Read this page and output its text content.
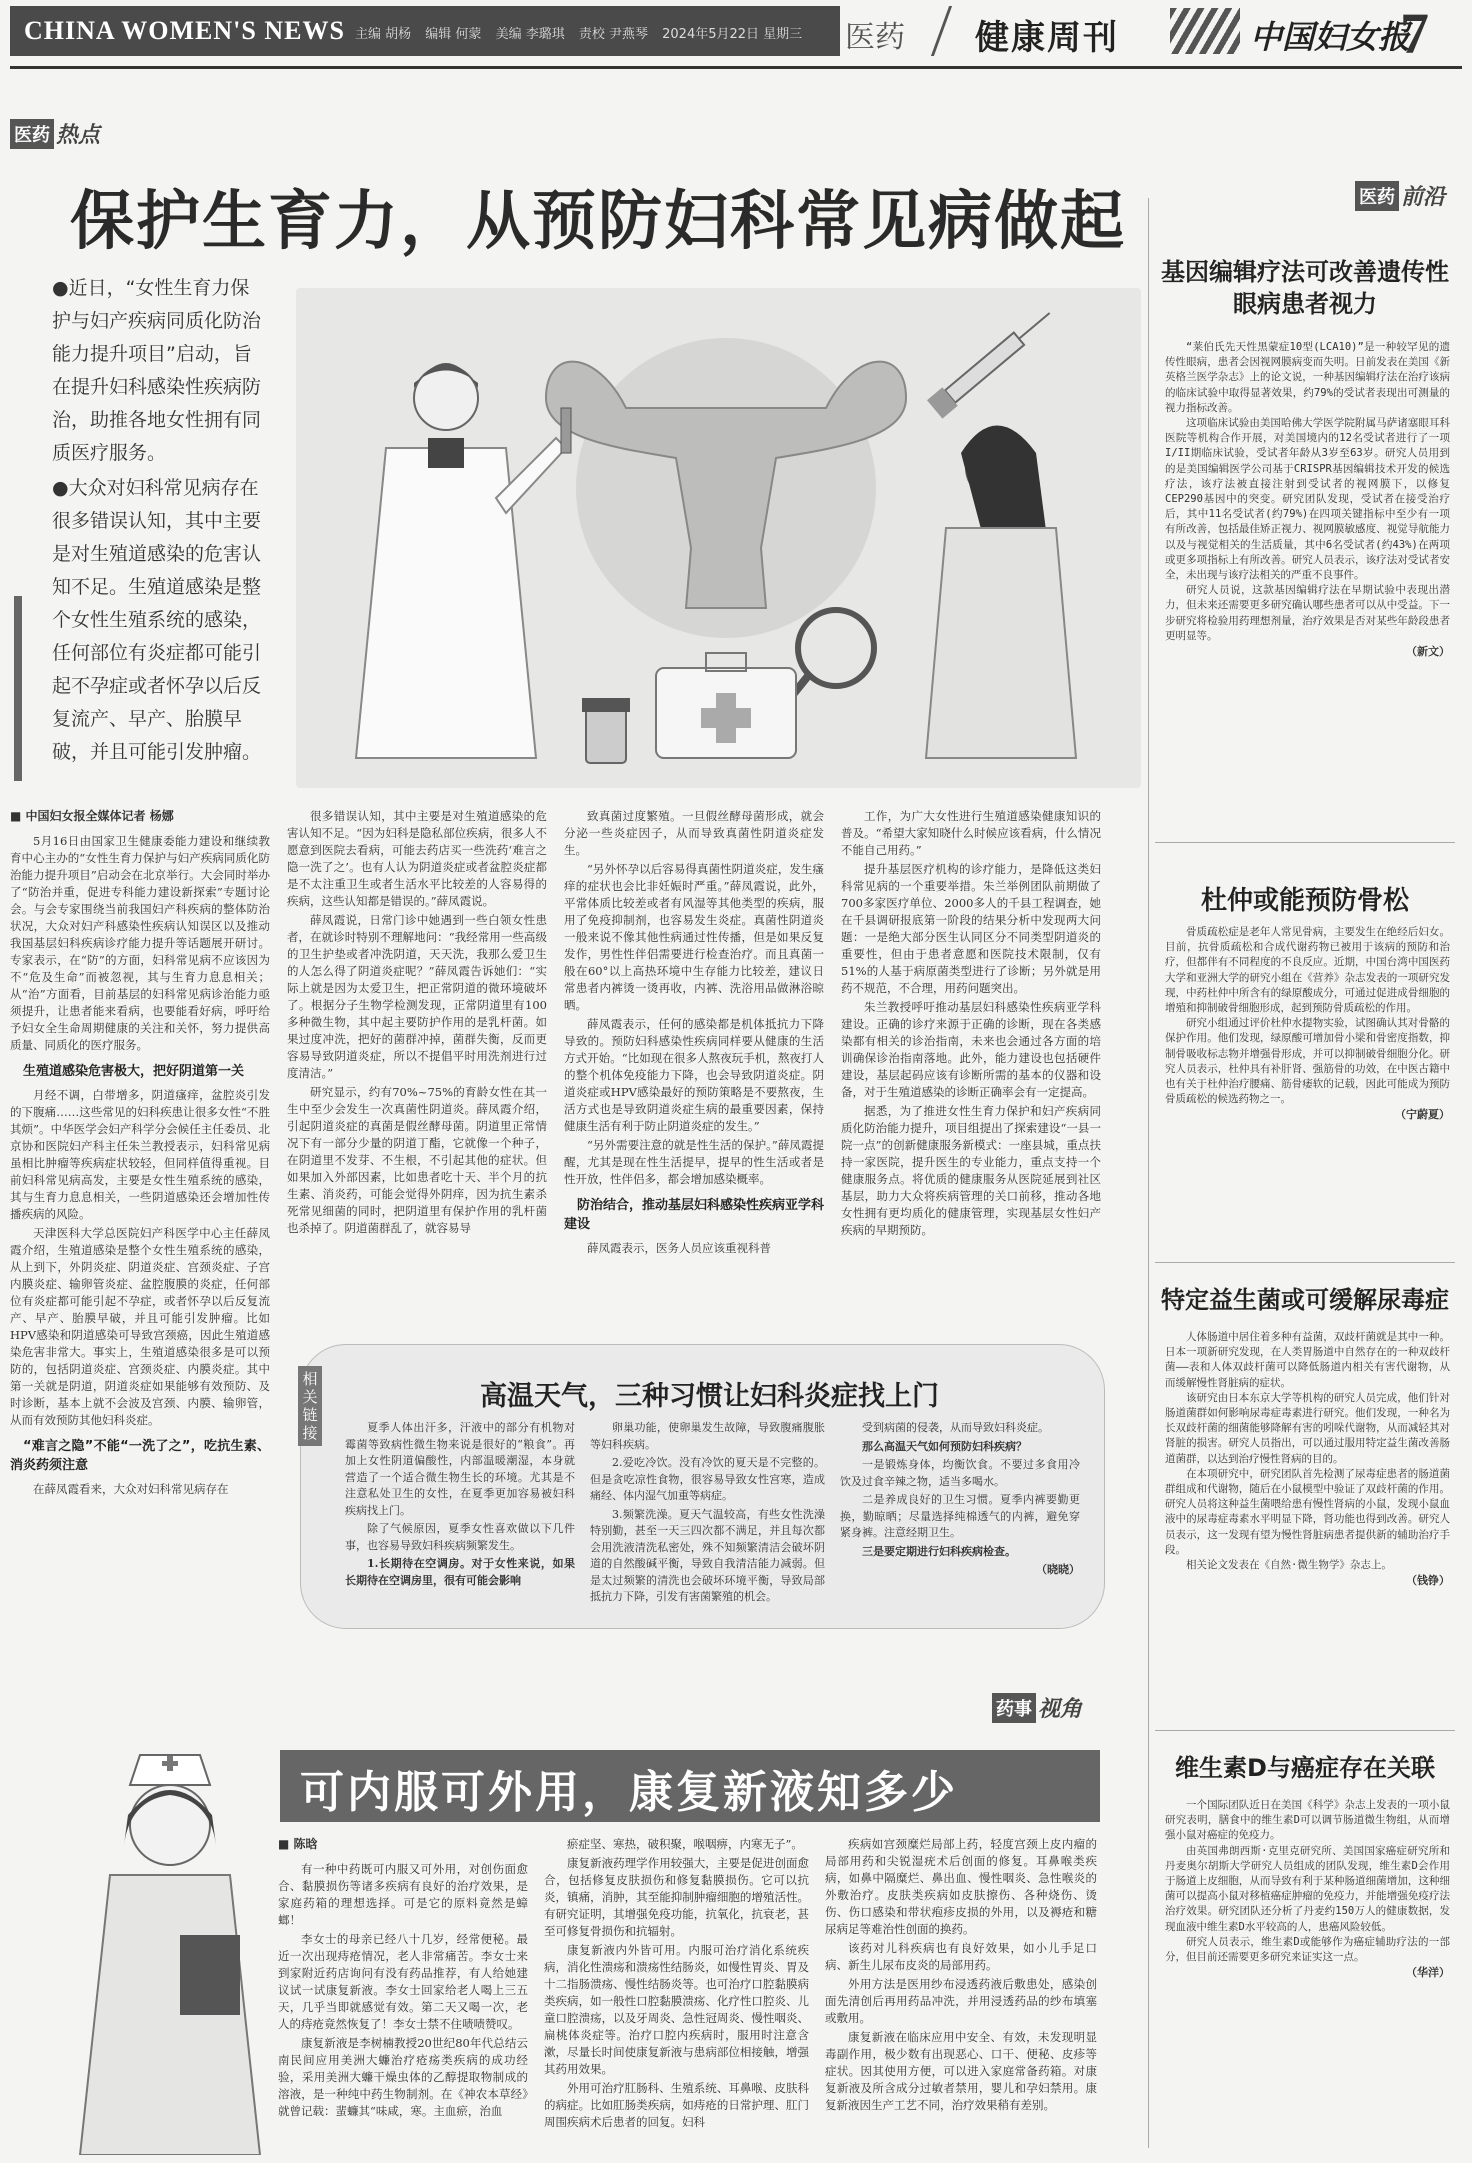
CHINA WOMEN'S NEWS 主编 胡杨 编辑 何蒙 美编 李璐琪 责校 尹燕琴 2024年5月22日 星期三	医药 健康周刊	中国妇女报
7
医药 热点
保护生育力，从预防妇科常见病做起

●近日，“女性生育力保护与妇产疾病同质化防治能力提升项目”启动，旨在提升妇科感染性疾病防治，助推各地女性拥有同质医疗服务。

●大众对妇科常见病存在很多错误认知，其中主要是对生殖道感染的危害认知不足。生殖道感染是整个女性生殖系统的感染，任何部位有炎症都可能引起不孕症或者怀孕以后反复流产、早产、胎膜早破，并且可能引发肿瘤。

■ 中国妇女报全媒体记者 杨娜

5月16日由国家卫生健康委能力建设和继续教育中心主办的“女性生育力保护与妇产疾病同质化防治能力提升项目”启动会在北京举行。大会同时举办了“防治并重，促进专科能力建设新探索”专题讨论会。与会专家围绕当前我国妇产科疾病的整体防治状况，大众对妇产科感染性疾病认知误区以及推动我国基层妇科疾病诊疗能力提升等话题展开研讨。专家表示，在“防”的方面，妇科常见病不应该因为不“危及生命”而被忽视，其与生育力息息相关；从“治”方面看，目前基层的妇科常见病诊治能力亟须提升，让患者能来看病，也要能看好病，呼吁给予妇女全生命周期健康的关注和关怀，努力提供高质量、同质化的医疗服务。

生殖道感染危害极大，把好阴道第一关

月经不调，白带增多，阴道瘙痒，盆腔炎引发的下腹痛……这些常见的妇科疾患让很多女性“不胜其烦”。中华医学会妇产科学分会候任主任委员、北京协和医院妇产科主任朱兰教授表示，妇科常见病虽相比肿瘤等疾病症状较轻，但同样值得重视。目前妇科常见病高发，主要是女性生殖系统的感染，其与生育力息息相关，一些阴道感染还会增加性传播疾病的风险。

天津医科大学总医院妇产科医学中心主任薛凤霞介绍，生殖道感染是整个女性生殖系统的感染，从上到下，外阴炎症、阴道炎症、宫颈炎症、子宫内膜炎症、输卵管炎症、盆腔腹膜的炎症，任何部位有炎症都可能引起不孕症，或者怀孕以后反复流产、早产、胎膜早破，并且可能引发肿瘤。比如HPV感染和阴道感染可导致宫颈癌，因此生殖道感染危害非常大。事实上，生殖道感染很多是可以预防的，包括阴道炎症、宫颈炎症、内膜炎症。其中第一关就是阴道，阴道炎症如果能够有效预防、及时诊断，基本上就不会波及宫颈、内膜、输卵管，从而有效预防其他妇科炎症。

“难言之隐”不能“一洗了之”，吃抗生素、消炎药须注意

在薛凤霞看来，大众对妇科常见病存在

很多错误认知，其中主要是对生殖道感染的危害认知不足。“因为妇科是隐私部位疾病，很多人不愿意到医院去看病，可能去药店买一些洗药‘难言之隐一洗了之’。也有人认为阴道炎症或者盆腔炎症都是不太注重卫生或者生活水平比较差的人容易得的疾病，这些认知都是错误的。”薛凤霞说。

薛凤霞说，日常门诊中她遇到一些白领女性患者，在就诊时特别不理解地问：“我经常用一些高级的卫生护垫或者冲洗阴道，天天洗，我那么爱卫生的人怎么得了阴道炎症呢？”薛凤霞告诉她们：“实际上就是因为太爱卫生，把正常阴道的微环境破坏了。根据分子生物学检测发现，正常阴道里有100多种微生物，其中起主要防护作用的是乳杆菌。如果过度冲洗，把好的菌群冲掉，菌群失衡，反而更容易导致阴道炎症，所以不提倡平时用洗剂进行过度清洁。”

研究显示，约有70%~75%的育龄女性在其一生中至少会发生一次真菌性阴道炎。薛凤霞介绍，引起阴道炎症的真菌是假丝酵母菌。阴道里正常情况下有一部分少量的阴道丁酯，它就像一个种子，在阴道里不发芽、不生根，不引起其他的症状。但如果加入外部因素，比如患者吃十天、半个月的抗生素、消炎药，可能会觉得外阴痒，因为抗生素杀死常见细菌的同时，把阴道里有保护作用的乳杆菌也杀掉了。阴道菌群乱了，就容易导

致真菌过度繁殖。一旦假丝酵母菌形成，就会分泌一些炎症因子，从而导致真菌性阴道炎症发生。

“另外怀孕以后容易得真菌性阴道炎症，发生瘙痒的症状也会比非妊娠时严重。”薛凤霞说，此外，平常体质比较差或者有风湿等其他类型的疾病，服用了免疫抑制剂，也容易发生炎症。真菌性阴道炎一般来说不像其他性病通过性传播，但是如果反复发作，男性性伴侣需要进行检查治疗。而且真菌一般在60°以上高热环境中生存能力比较差，建议日常患者内裤烫一烫再收，内裤、洗浴用品做淋浴晾晒。

薛凤霞表示，任何的感染都是机体抵抗力下降导致的。预防妇科感染性疾病同样要从健康的生活方式开始。“比如现在很多人熬夜玩手机，熬夜打人的整个机体免疫能力下降，也会导致阴道炎症。阴道炎症或HPV感染最好的预防策略是不要熬夜，生活方式也是导致阴道炎症生病的最重要因素，保持健康生活有利于防止阴道炎症的发生。”

“另外需要注意的就是性生活的保护。”薛凤霞提醒，尤其是现在性生活提早，提早的性生活或者是性开放，性伴侣多，都会增加感染概率。

防治结合，推动基层妇科感染性疾病亚学科建设

薛凤霞表示，医务人员应该重视科普

工作，为广大女性进行生殖道感染健康知识的普及。“希望大家知晓什么时候应该看病，什么情况不能自己用药。”

提升基层医疗机构的诊疗能力，是降低这类妇科常见病的一个重要举措。朱兰举例团队前期做了700多家医疗单位、2000多人的千县工程调查，她在千县调研报底第一阶段的结果分析中发现两大问题：一是绝大部分医生认同区分不同类型阴道炎的重要性，但由于患者意愿和医院技术限制，仅有51%的人基于病原菌类型进行了诊断；另外就是用药不规范，不合理，用药问题突出。

朱兰教授呼吁推动基层妇科感染性疾病亚学科建设。正确的诊疗来源于正确的诊断，现在各类感染都有相关的诊治指南，未来也会通过各方面的培训确保诊治指南落地。此外，能力建设也包括硬件建设，基层起码应该有诊断所需的基本的仪器和设备，对于生殖道感染的诊断正确率会有一定提高。

据悉，为了推进女性生育力保护和妇产疾病同质化防治能力提升，项目组提出了探索建设“一县一院一点”的创新健康服务新模式：一座县城，重点扶持一家医院，提升医生的专业能力，重点支持一个健康服务点。将优质的健康服务从医院延展到社区基层，助力大众将疾病管理的关口前移，推动各地女性拥有更均质化的健康管理，实现基层女性妇产疾病的早期预防。

相关链接
高温天气，三种习惯让妇科炎症找上门

夏季人体出汗多，汗液中的部分有机物对霉菌等致病性微生物来说是很好的“粮食”。再加上女性阴道偏酸性，内部温暖潮湿，本身就营造了一个适合微生物生长的环境。尤其是不注意私处卫生的女性，在夏季更加容易被妇科疾病找上门。

除了气候原因，夏季女性喜欢做以下几件事，也容易导致妇科疾病频繁发生。

1.长期待在空调房。对于女性来说，如果长期待在空调房里，很有可能会影响

卵巢功能，使卵巢发生故障，导致腹痛腹胀等妇科疾病。

2.爱吃冷饮。没有冷饮的夏天是不完整的。但是贪吃凉性食物，很容易导致女性宫寒，造成痛经、体内湿气加重等病症。

3.频繁洗澡。夏天气温较高，有些女性洗澡特别勤，甚至一天三四次都不满足，并且每次都会用洗液清洗私密处，殊不知频繁清洁会破坏阴道的自然酸碱平衡，导致自我清洁能力减弱。但是太过频繁的清洗也会破坏环境平衡，导致局部抵抗力下降，引发有害菌繁殖的机会。

受到病菌的侵袭，从而导致妇科炎症。

那么高温天气如何预防妇科疾病？

一是锻炼身体，均衡饮食。不要过多食用冷饮及过食辛辣之物，适当多喝水。

二是养成良好的卫生习惯。夏季内裤要勤更换，勤晾晒；尽量选择纯棉透气的内裤，避免穿紧身裤。注意经期卫生。

三是要定期进行妇科疾病检查。

（晓晓）
药事 视角
可内服可外用，康复新液知多少
■ 陈晗

有一种中药既可内服又可外用，对创伤面愈合、黏膜损伤等诸多疾病有良好的治疗效果，是家庭药箱的理想选择。可是它的原料竟然是蟑螂！

李女士的母亲已经八十几岁，经常便秘。最近一次出现痔疮情况，老人非常痛苦。李女士来到家附近药店询问有没有药品推荐，有人给她建议试一试康复新液。李女士回家给老人喝上三五天，几乎当即就感觉有效。第二天又喝一次，老人的痔疮竟然恢复了！李女士禁不住啧啧赞叹。

康复新液是李树楠教授20世纪80年代总结云南民间应用美洲大蠊治疗疮疡类疾病的成功经验，采用美洲大蠊干燥虫体的乙醇提取物制成的溶液，是一种纯中药生物制剂。在《神农本草经》就曾记载：蜚蠊其“味咸，寒。主血瘀，治血

瘀症坚、寒热，破积聚，喉咽痹，内寒无子”。

康复新液药理学作用较强大，主要是促进创面愈合，包括修复皮肤损伤和修复黏膜损伤。它可以抗炎，镇痛，消肿，其至能抑制肿瘤细胞的增殖活性。有研究证明，其增强免疫功能，抗氧化，抗衰老，甚至可修复骨损伤和抗辐射。

康复新液内外皆可用。内服可治疗消化系统疾病，消化性溃疡和溃疡性结肠炎，如慢性胃炎、胃及十二指肠溃疡、慢性结肠炎等。也可治疗口腔黏膜病类疾病，如一般性口腔黏膜溃疡、化疗性口腔炎、儿童口腔溃疡，以及牙周炎、急性冠周炎、慢性咽炎、扁桃体炎症等。治疗口腔内疾病时，服用时注意含漱，尽量长时间使康复新液与患病部位相接触，增强其药用效果。

外用可治疗肛肠科、生殖系统、耳鼻喉、皮肤科的病症。比如肛肠类疾病，如痔疮的日常护理、肛门周围疾病术后患者的回复。妇科

疾病如宫颈糜烂局部上药，轻度宫颈上皮内瘤的局部用药和尖锐湿疣术后创面的修复。耳鼻喉类疾病，如鼻中隔糜烂、鼻出血、慢性咽炎、急性喉炎的外敷治疗。皮肤类疾病如皮肤擦伤、各种烧伤、烫伤、伤口感染和带状疱疹皮损的外用，以及褥疮和糖尿病足等难治性创面的换药。

该药对儿科疾病也有良好效果，如小儿手足口病、新生儿尿布皮炎的局部用药。

外用方法是医用纱布浸透药液后敷患处，感染创面先清创后再用药品冲洗，并用浸透药品的纱布填塞或敷用。

康复新液在临床应用中安全、有效，未发现明显毒副作用，极少数有出现恶心、口干、便秘、皮疹等症状。因其使用方便，可以进入家庭常备药箱。对康复新液及所含成分过敏者禁用，婴儿和孕妇禁用。康复新液因生产工艺不同，治疗效果稍有差别。

医药 前沿
基因编辑疗法可改善遗传性眼病患者视力

“莱伯氏先天性黑蒙症10型(LCA10)”是一种较罕见的遗传性眼病，患者会因视网膜病变而失明。日前发表在美国《新英格兰医学杂志》上的论文说，一种基因编辑疗法在治疗该病的临床试验中取得显著效果，约79%的受试者表现出可测量的视力指标改善。

这项临床试验由美国哈佛大学医学院附属马萨诸塞眼耳科医院等机构合作开展，对美国境内的12名受试者进行了一项I/II期临床试验，受试者年龄从3岁至63岁。研究人员用到的是美国编辑医学公司基于CRISPR基因编辑技术开发的候选疗法，该疗法被直接注射到受试者的视网膜下，以修复CEP290基因中的突变。研究团队发现，受试者在接受治疗后，其中11名受试者(约79%)在四项关键指标中至少有一项有所改善，包括最佳矫正视力、视网膜敏感度、视觉导航能力以及与视觉相关的生活质量，其中6名受试者(约43%)在两项或更多项指标上有所改善。研究人员表示，该疗法对受试者安全，未出现与该疗法相关的严重不良事件。

研究人员说，这款基因编辑疗法在早期试验中表现出潜力，但未来还需要更多研究确认哪些患者可以从中受益。下一步研究将检验用药理想剂量，治疗效果是否对某些年龄段患者更明显等。

（新文）
杜仲或能预防骨松

骨质疏松症是老年人常见骨病，主要发生在绝经后妇女。目前，抗骨质疏松和合成代谢药物已被用于该病的预防和治疗，但都伴有不同程度的不良反应。近期，中国台湾中国医药大学和亚洲大学的研究小组在《营养》杂志发表的一项研究发现，中药杜仲中所含有的绿原酸成分，可通过促进成骨细胞的增殖和抑制破骨细胞形成，起到预防骨质疏松的作用。

研究小组通过评价杜仲水提物实验，试图确认其对骨骼的保护作用。他们发现，绿原酸可增加骨小梁和骨密度指数，抑制骨吸收标志物并增强骨形成，并可以抑制破骨细胞分化。研究人员表示，杜仲具有补肝肾、强筋骨的功效，在中医古籍中也有关于杜仲治疗腰痛、筋骨痿软的记载，因此可能成为预防骨质疏松的候选药物之一。

（宁蔚夏）
特定益生菌或可缓解尿毒症

人体肠道中居住着多种有益菌，双歧杆菌就是其中一种。日本一项新研究发现，在人类胃肠道中自然存在的一种双歧杆菌——表和人体双歧杆菌可以降低肠道内相关有害代谢物，从而缓解慢性肾脏病的症状。

该研究由日本东京大学等机构的研究人员完成，他们针对肠道菌群如何影响尿毒症毒素进行研究。他们发现，一种名为长双歧杆菌的细菌能够降解有害的吲哚代谢物，从而减轻其对肾脏的损害。研究人员指出，可以通过服用特定益生菌改善肠道菌群，以达到治疗慢性肾病的目的。

在本项研究中，研究团队首先检测了尿毒症患者的肠道菌群组成和代谢物，随后在小鼠模型中验证了双歧杆菌的作用。研究人员将这种益生菌喂给患有慢性肾病的小鼠，发现小鼠血液中的尿毒症毒素水平明显下降，肾功能也得到改善。研究人员表示，这一发现有望为慢性肾脏病患者提供新的辅助治疗手段。

相关论文发表在《自然·微生物学》杂志上。

（钱铮）
维生素D与癌症存在关联

一个国际团队近日在美国《科学》杂志上发表的一项小鼠研究表明，膳食中的维生素D可以调节肠道微生物组，从而增强小鼠对癌症的免疫力。

由英国弗朗西斯·克里克研究所、美国国家癌症研究所和丹麦奥尔胡斯大学研究人员组成的团队发现，维生素D会作用于肠道上皮细胞，从而导致有利于某种肠道细菌增加，这种细菌可以提高小鼠对移植癌症肿瘤的免疫力，并能增强免疫疗法治疗效果。研究团队还分析了丹麦约150万人的健康数据，发现血液中维生素D水平较高的人，患癌风险较低。

研究人员表示，维生素D或能够作为癌症辅助疗法的一部分，但目前还需要更多研究来证实这一点。

（华洋）
